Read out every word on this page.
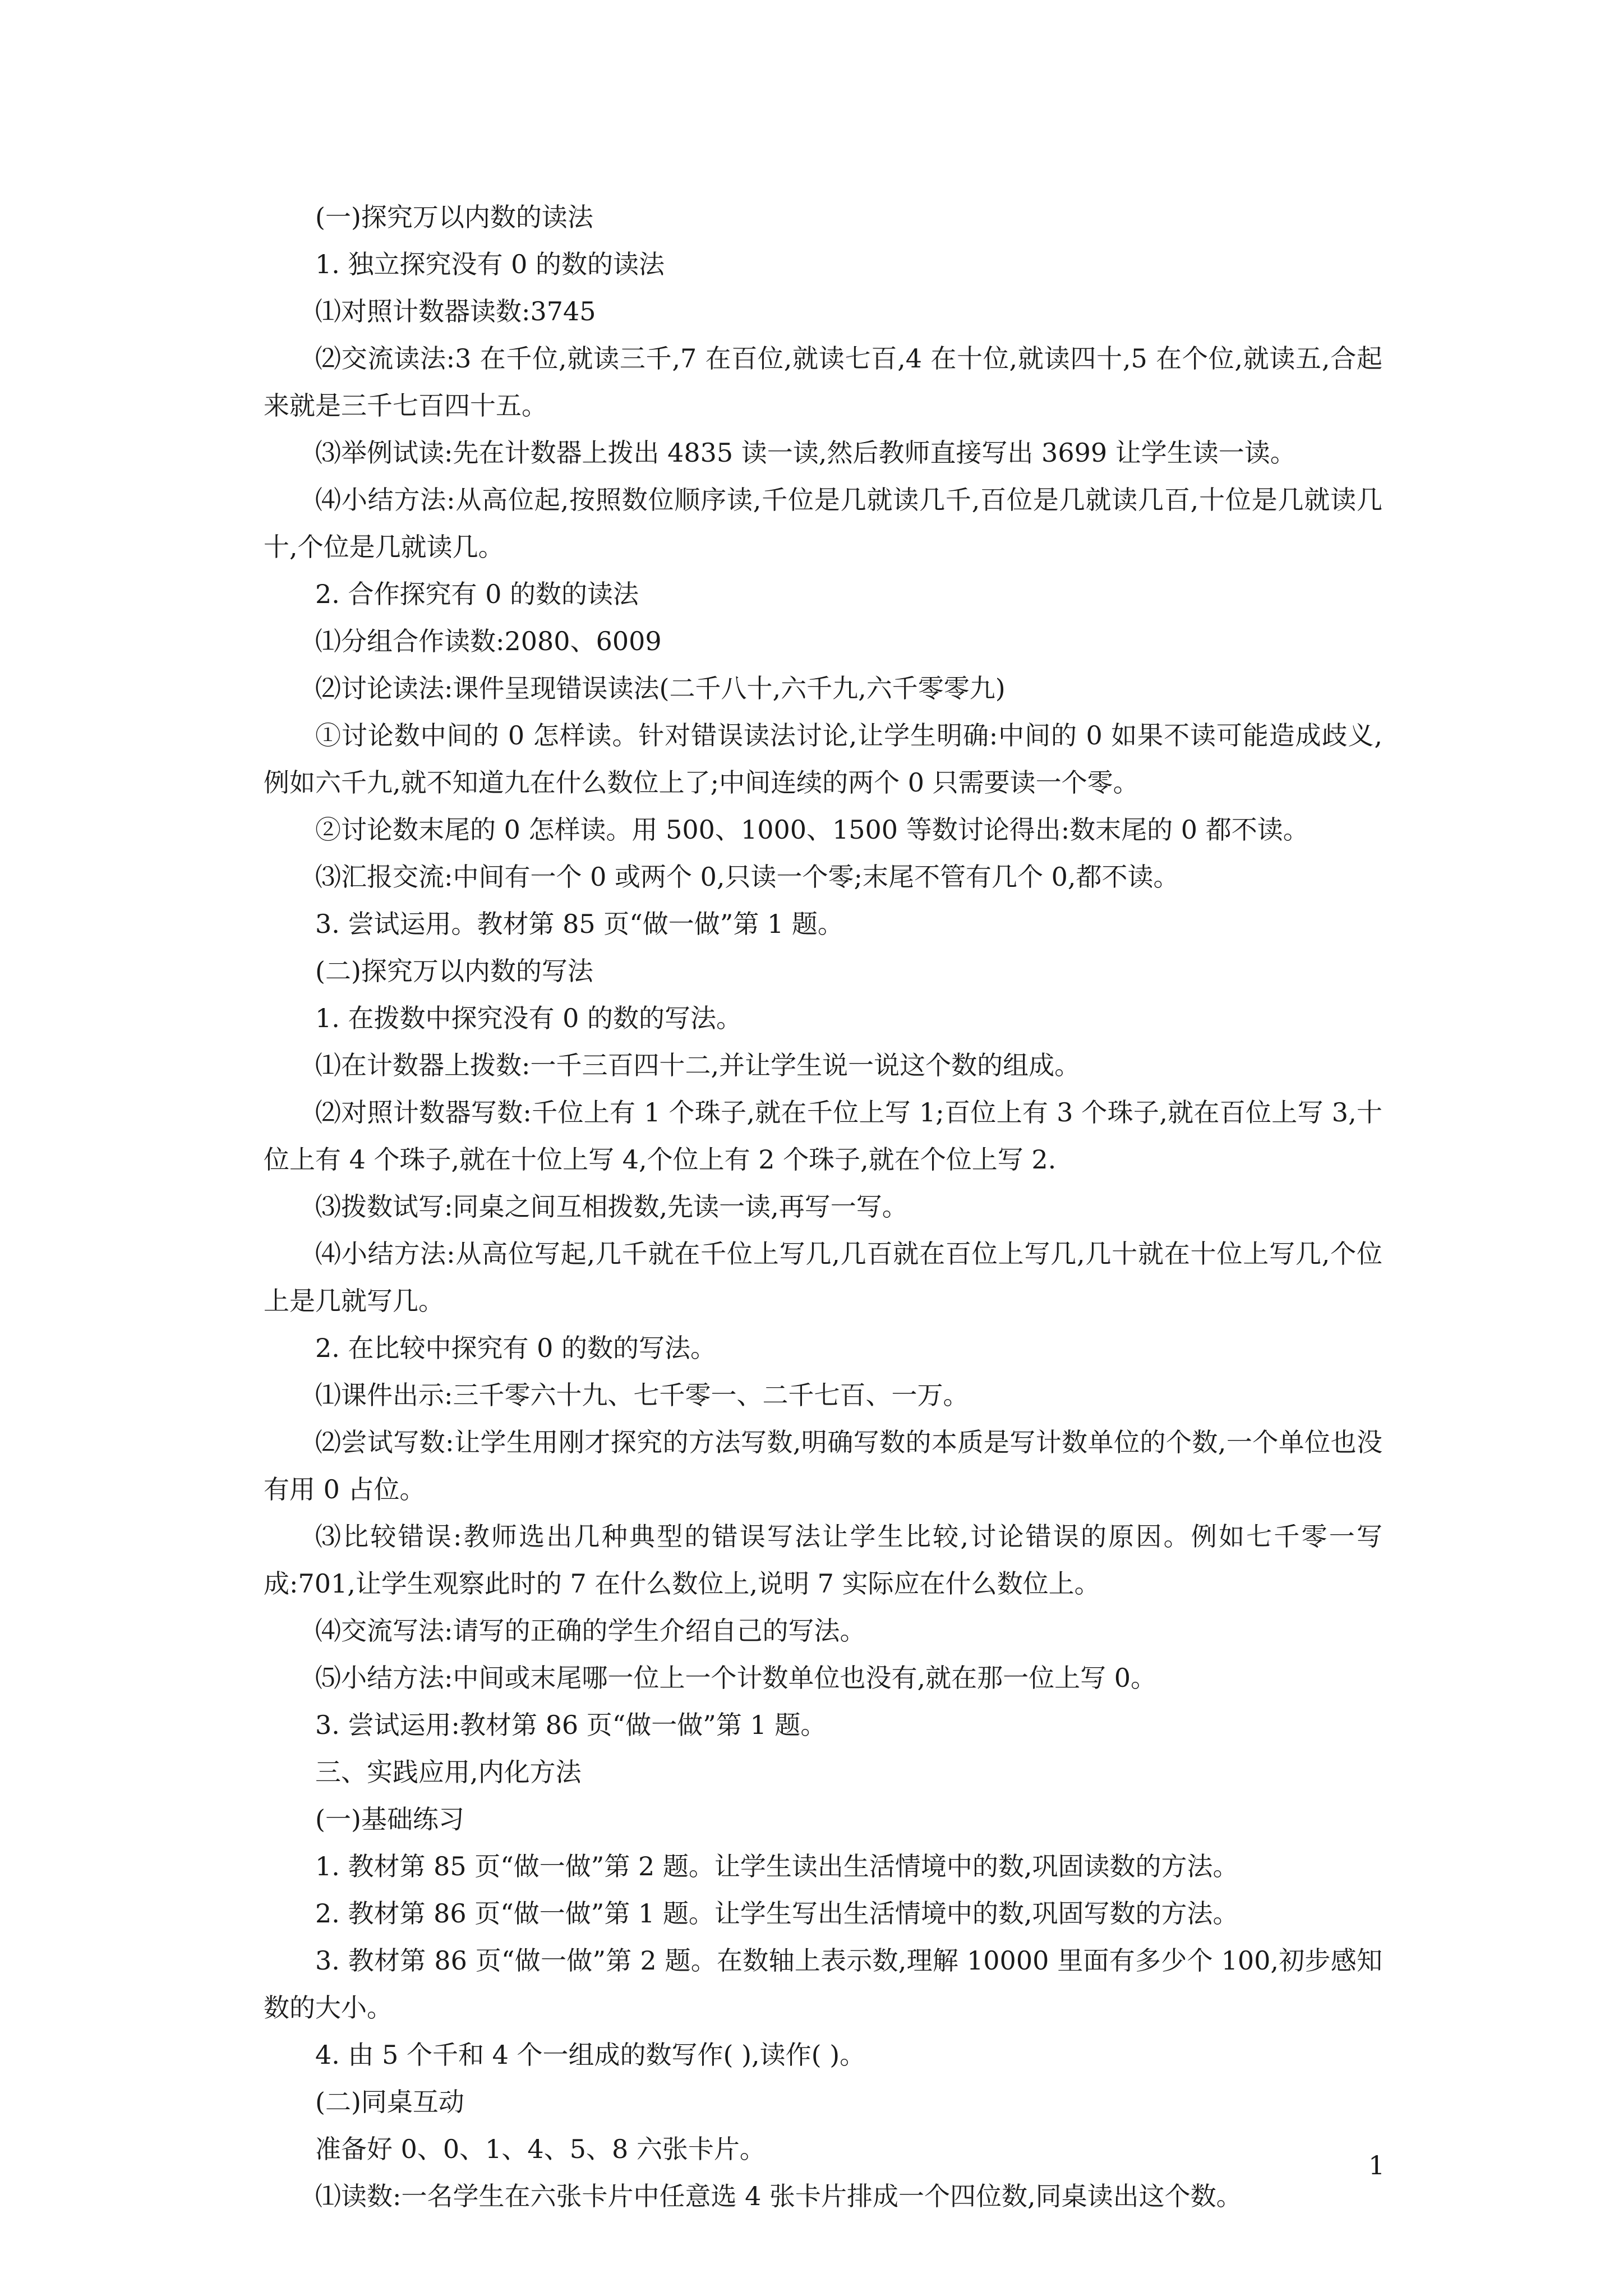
(一)探究万以内数的读法

1. 独立探究没有 0 的数的读法

⑴对照计数器读数:3745

⑵交流读法:3 在千位,就读三千,7 在百位,就读七百,4 在十位,就读四十,5 在个位,就读五,合起来就是三千七百四十五。

⑶举例试读:先在计数器上拨出 4835 读一读,然后教师直接写出 3699 让学生读一读。

⑷小结方法:从高位起,按照数位顺序读,千位是几就读几千,百位是几就读几百,十位是几就读几十,个位是几就读几。

2. 合作探究有 0 的数的读法

⑴分组合作读数:2080、6009

⑵讨论读法:课件呈现错误读法(二千八十,六千九,六千零零九)

①讨论数中间的 0 怎样读。针对错误读法讨论,让学生明确:中间的 0 如果不读可能造成歧义,例如六千九,就不知道九在什么数位上了;中间连续的两个 0 只需要读一个零。

②讨论数末尾的 0 怎样读。用 500、1000、1500 等数讨论得出:数末尾的 0 都不读。

⑶汇报交流:中间有一个 0 或两个 0,只读一个零;末尾不管有几个 0,都不读。

3. 尝试运用。教材第 85 页“做一做”第 1 题。

(二)探究万以内数的写法

1. 在拨数中探究没有 0 的数的写法。

⑴在计数器上拨数:一千三百四十二,并让学生说一说这个数的组成。

⑵对照计数器写数:千位上有 1 个珠子,就在千位上写 1;百位上有 3 个珠子,就在百位上写 3,十位上有 4 个珠子,就在十位上写 4,个位上有 2 个珠子,就在个位上写 2.

⑶拨数试写:同桌之间互相拨数,先读一读,再写一写。

⑷小结方法:从高位写起,几千就在千位上写几,几百就在百位上写几,几十就在十位上写几,个位上是几就写几。

2. 在比较中探究有 0 的数的写法。

⑴课件出示:三千零六十九、七千零一、二千七百、一万。

⑵尝试写数:让学生用刚才探究的方法写数,明确写数的本质是写计数单位的个数,一个单位也没有用 0 占位。

⑶比较错误:教师选出几种典型的错误写法让学生比较,讨论错误的原因。例如七千零一写成:701,让学生观察此时的 7 在什么数位上,说明 7 实际应在什么数位上。

⑷交流写法:请写的正确的学生介绍自己的写法。

⑸小结方法:中间或末尾哪一位上一个计数单位也没有,就在那一位上写 0。

3. 尝试运用:教材第 86 页“做一做”第 1 题。

三、实践应用,内化方法

(一)基础练习

1. 教材第 85 页“做一做”第 2 题。让学生读出生活情境中的数,巩固读数的方法。

2. 教材第 86 页“做一做”第 1 题。让学生写出生活情境中的数,巩固写数的方法。

3. 教材第 86 页“做一做”第 2 题。在数轴上表示数,理解 10000 里面有多少个 100,初步感知数的大小。

4. 由 5 个千和 4 个一组成的数写作( ),读作( )。

(二)同桌互动

准备好 0、0、1、4、5、8 六张卡片。

⑴读数:一名学生在六张卡片中任意选 4 张卡片排成一个四位数,同桌读出这个数。

1
